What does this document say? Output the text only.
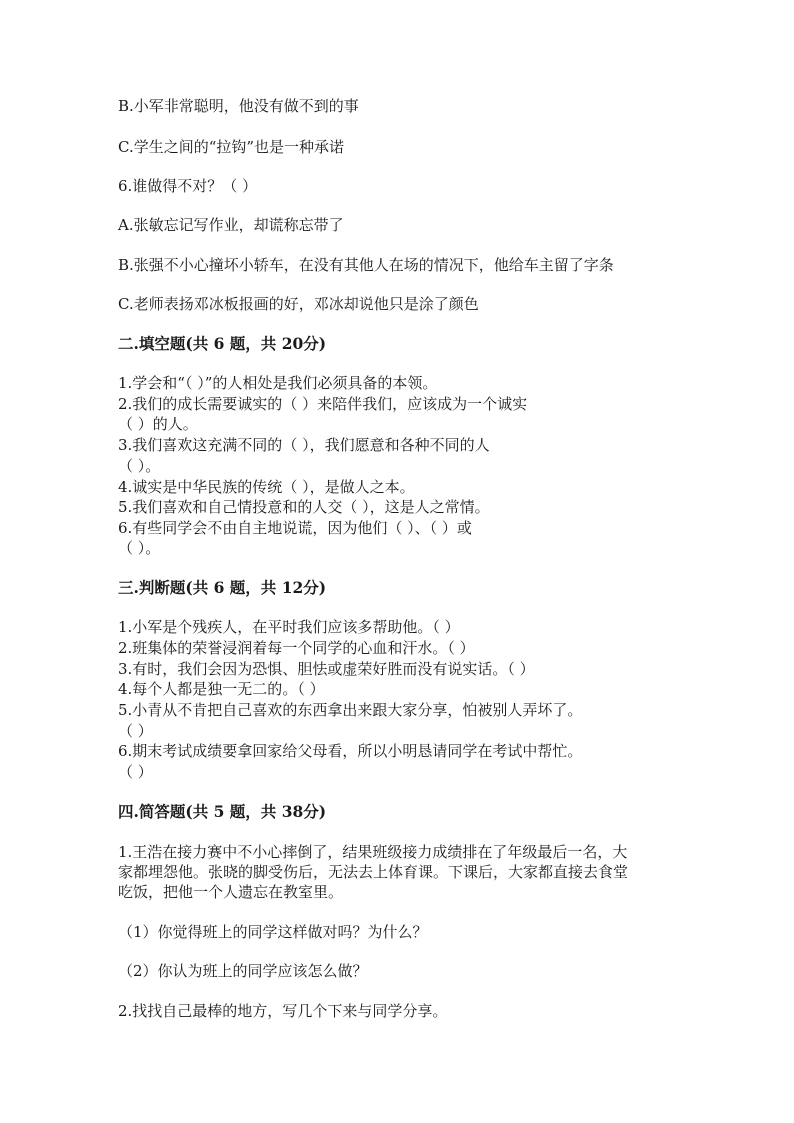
B.小军非常聪明，他没有做不到的事
C.学生之间的“拉钩”也是一种承诺
6.谁做得不对？（ ）
A.张敏忘记写作业，却谎称忘带了
B.张强不小心撞坏小轿车，在没有其他人在场的情况下，他给车主留了字条
C.老师表扬邓冰板报画的好，邓冰却说他只是涂了颜色
二.填空题(共 6 题，共 20分)
1.学会和“（ ）”的人相处是我们必须具备的本领。
2.我们的成长需要诚实的（ ）来陪伴我们，应该成为一个诚实
（ ）的人。
3.我们喜欢这充满不同的（ ），我们愿意和各种不同的人
（ ）。
4.诚实是中华民族的传统（ ），是做人之本。
5.我们喜欢和自己情投意和的人交（ ），这是人之常情。
6.有些同学会不由自主地说谎，因为他们（ ）、（ ）或
（ ）。
三.判断题(共 6 题，共 12分)
1.小军是个残疾人，在平时我们应该多帮助他。（ ）
2.班集体的荣誉浸润着每一个同学的心血和汗水。（ ）
3.有时，我们会因为恐惧、胆怯或虚荣好胜而没有说实话。（ ）
4.每个人都是独一无二的。（ ）
5.小青从不肯把自己喜欢的东西拿出来跟大家分享，怕被别人弄坏了。
（ ）
6.期末考试成绩要拿回家给父母看，所以小明恳请同学在考试中帮忙。
（ ）
四.简答题(共 5 题，共 38分)
1.王浩在接力赛中不小心摔倒了，结果班级接力成绩排在了年级最后一名，大
家都埋怨他。张晓的脚受伤后，无法去上体育课。下课后，大家都直接去食堂
吃饭，把他一个人遗忘在教室里。
（1）你觉得班上的同学这样做对吗？为什么？
（2）你认为班上的同学应该怎么做？
2.找找自己最棒的地方，写几个下来与同学分享。
